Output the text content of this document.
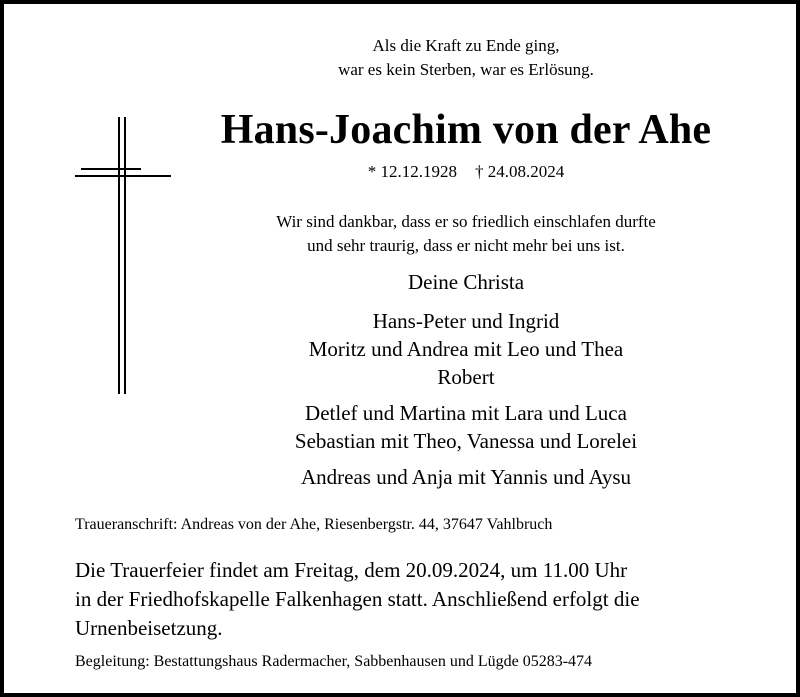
Als die Kraft zu Ende ging,
war es kein Sterben, war es Erlösung.
Hans-Joachim von der Ahe
* 12.12.1928 † 24.08.2024
Wir sind dankbar, dass er so friedlich einschlafen durfte
und sehr traurig, dass er nicht mehr bei uns ist.
Deine Christa
Hans-Peter und Ingrid
Moritz und Andrea mit Leo und Thea
Robert
Detlef und Martina mit Lara und Luca
Sebastian mit Theo, Vanessa und Lorelei
Andreas und Anja mit Yannis und Aysu
Traueranschrift: Andreas von der Ahe, Riesenbergstr. 44, 37647 Vahlbruch
Die Trauerfeier findet am Freitag, dem 20.09.2024, um 11.00 Uhr
in der Friedhofskapelle Falkenhagen statt. Anschließend erfolgt die
Urnenbeisetzung.
Begleitung: Bestattungshaus Radermacher, Sabbenhausen und Lügde 05283-474
